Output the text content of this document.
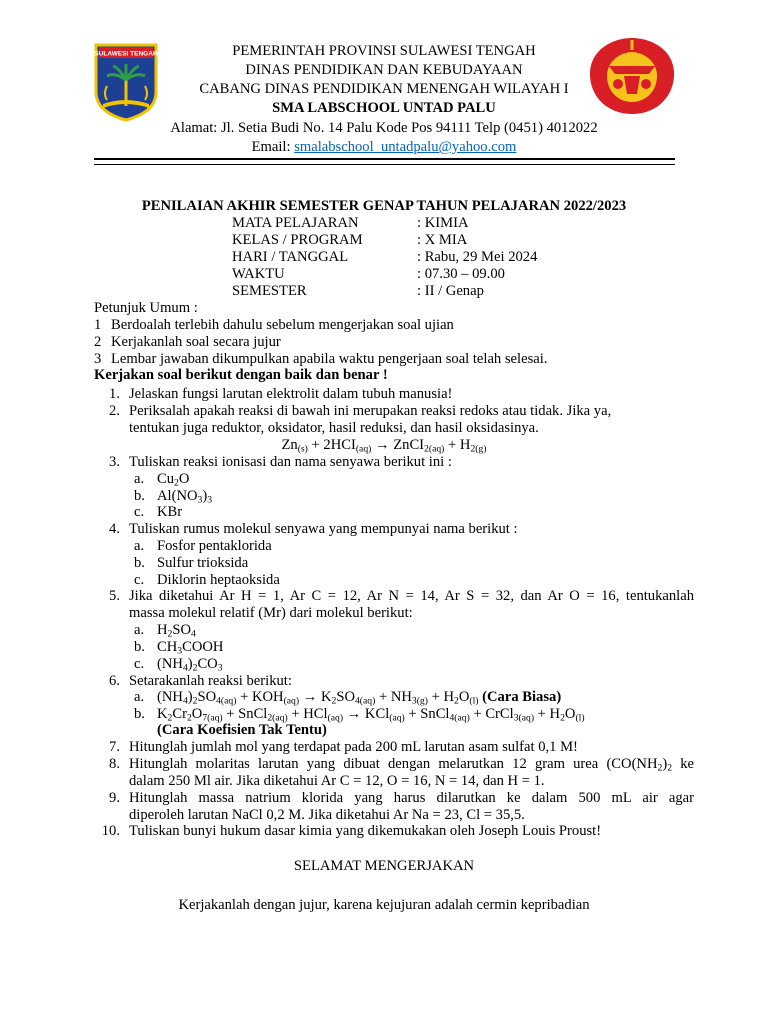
SULAWESI TENGAH	PEMERINTAH PROVINSI SULAWESI TENGAH
DINAS PENDIDIKAN DAN KEBUDAYAAN
CABANG DINAS PENDIDIKAN MENENGAH WILAYAH I
SMA LABSCHOOL UNTAD PALU
Alamat: Jl. Setia Budi No. 14 Palu Kode Pos 94111 Telp (0451) 4012022
Email: smalabschool_untadpalu@yahoo.com
PENILAIAN AKHIR SEMESTER GENAP TAHUN PELAJARAN 2022/2023
MATA PELAJARAN	: KIMIA
KELAS / PROGRAM	: X MIA
HARI / TANGGAL	: Rabu, 29 Mei 2024
WAKTU	: 07.30 – 09.00
SEMESTER	: II / Genap
Petunjuk Umum :
1 Berdoalah terlebih dahulu sebelum mengerjakan soal ujian
2 Kerjakanlah soal secara jujur
3 Lembar jawaban dikumpulkan apabila waktu pengerjaan soal telah selesai.
Kerjakan soal berikut dengan baik dan benar !
1. Jelaskan fungsi larutan elektrolit dalam tubuh manusia!
2. Periksalah apakah reaksi di bawah ini merupakan reaksi redoks atau tidak. Jika ya,
tentukan juga reduktor, oksidator, hasil reduksi, dan hasil oksidasinya.
$Zn_{(s)} + 2HCI_{(aq)}$ → ZnCI$_{2(aq)}$ + $H_{2(g)}$
3. Tuliskan reaksi ionisasi dan nama senyawa berikut ini :
a. $Cu_2O$
b. $Al(NO_3)_3$
c. KBr
4. Tuliskan rumus molekul senyawa yang mempunyai nama berikut :
a. Fosfor pentaklorida
b. Sulfur trioksida
c. Diklorin heptaoksida
5. Jika diketahui Ar H = 1, Ar C = 12, Ar N = 14, Ar S = 32, dan Ar O = 16, tentukanlah
massa molekul relatif (Mr) dari molekul berikut:
a. $H_2SO_4$
b. $CH_3COOH$
c. $(NH_4)_2CO_3$
6. Setarakanlah reaksi berikut:
a. $(NH_4)_2SO_{4(aq)} + KOH_{(aq)} \to K_2SO_{4(aq)} + NH_{3(g)} + H_2O_{(l)}$ (Cara Biasa)
b. $K_2Cr_2O_{7(aq)}$ + SnCl$_{2(aq)}$ + HCl$_{(aq)}$ → KCl$_{(aq)}$ + SnCl$_{4(aq)}$ + CrCl$_{3(aq)}$ + $H_2O_{(l)}$
(Cara Koefisien Tak Tentu)
7. Hitunglah jumlah mol yang terdapat pada 200 mL larutan asam sulfat 0,1 M!
8. Hitunglah molaritas larutan yang dibuat dengan melarutkan 12 gram urea ($CO(NH_2)_2$ ke
dalam 250 Ml air. Jika diketahui Ar C = 12, O = 16, N = 14, dan H = 1.
9. Hitunglah massa natrium klorida yang harus dilarutkan ke dalam 500 mL air agar
diperoleh larutan NaCl 0,2 M. Jika diketahui Ar Na = 23, Cl = 35,5.
10. Tuliskan bunyi hukum dasar kimia yang dikemukakan oleh Joseph Louis Proust!
SELAMAT MENGERJAKAN
Kerjakanlah dengan jujur, karena kejujuran adalah cermin kepribadian
